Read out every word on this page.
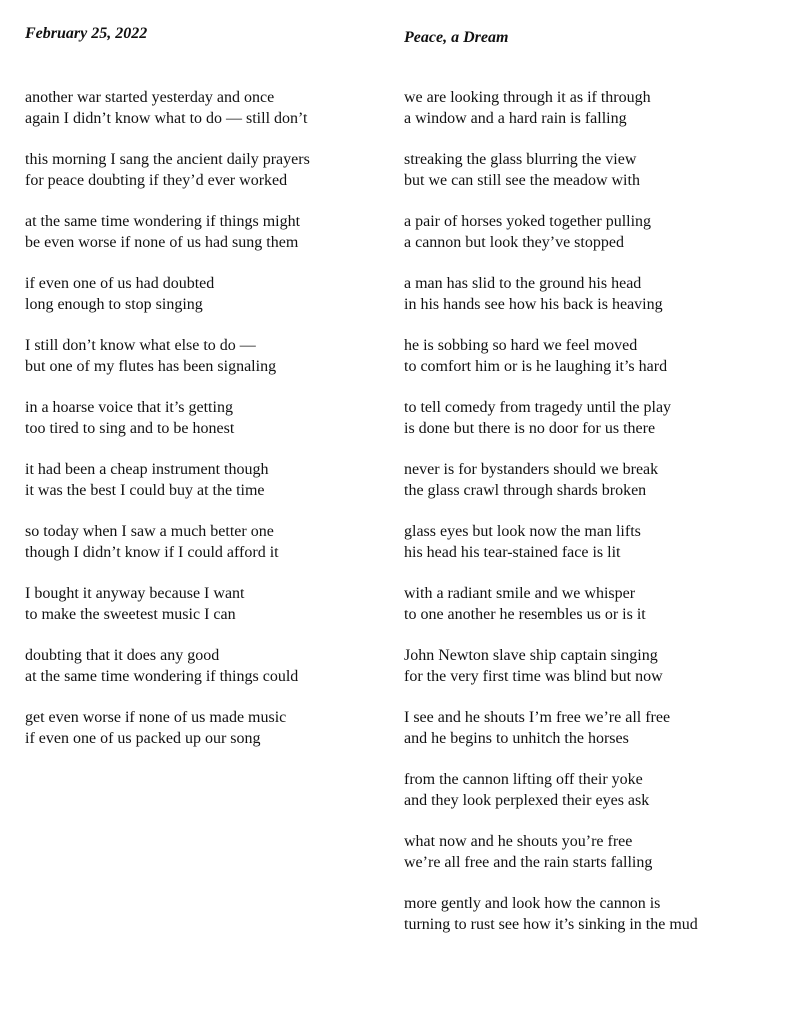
February 25, 2022

another war started yesterday and once
again I didn’t know what to do — still don’t

this morning I sang the ancient daily prayers
for peace doubting if they’d ever worked

at the same time wondering if things might
be even worse if none of us had sung them

if even one of us had doubted
long enough to stop singing

I still don’t know what else to do —
but one of my flutes has been signaling

in a hoarse voice that it’s getting
too tired to sing and to be honest

it had been a cheap instrument though
it was the best I could buy at the time

so today when I saw a much better one
though I didn’t know if I could afford it

I bought it anyway because I want
to make the sweetest music I can

doubting that it does any good
at the same time wondering if things could

get even worse if none of us made music
if even one of us packed up our song

Peace, a Dream

we are looking through it as if through
a window and a hard rain is falling

streaking the glass blurring the view
but we can still see the meadow with

a pair of horses yoked together pulling
a cannon but look they’ve stopped

a man has slid to the ground his head
in his hands see how his back is heaving

he is sobbing so hard we feel moved
to comfort him or is he laughing it’s hard

to tell comedy from tragedy until the play
is done but there is no door for us there

never is for bystanders should we break
the glass crawl through shards broken

glass eyes but look now the man lifts
his head his tear-stained face is lit

with a radiant smile and we whisper
to one another he resembles us or is it

John Newton slave ship captain singing
for the very first time was blind but now

I see and he shouts I’m free we’re all free
and he begins to unhitch the horses

from the cannon lifting off their yoke
and they look perplexed their eyes ask

what now and he shouts you’re free
we’re all free and the rain starts falling

more gently and look how the cannon is
turning to rust see how it’s sinking in the mud
